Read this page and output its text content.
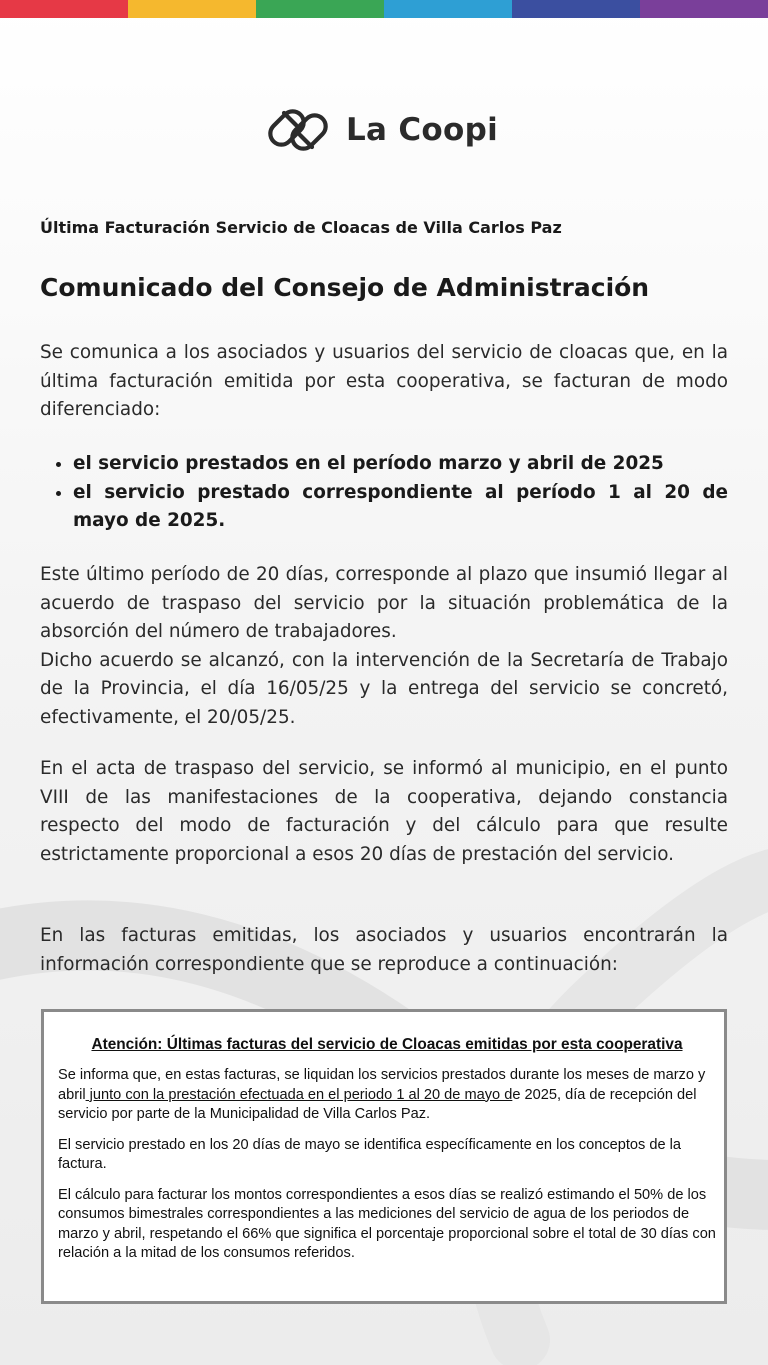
La Coopi
Última Facturación Servicio de Cloacas de Villa Carlos Paz
Comunicado del Consejo de Administración
Se comunica a los asociados y usuarios del servicio de cloacas que, en la última facturación emitida por esta cooperativa, se facturan de modo diferenciado:
• el servicio prestados en el período marzo y abril de 2025
• el servicio prestado correspondiente al período 1 al 20 de mayo de 2025.
Este último período de 20 días, corresponde al plazo que insumió llegar al acuerdo de traspaso del servicio por la situación problemática de la absorción del número de trabajadores.
Dicho acuerdo se alcanzó, con la intervención de la Secretaría de Trabajo de la Provincia, el día 16/05/25 y la entrega del servicio se concretó, efectivamente, el 20/05/25.
En el acta de traspaso del servicio, se informó al municipio, en el punto VIII de las manifestaciones de la cooperativa, dejando constancia respecto del modo de facturación y del cálculo para que resulte estrictamente proporcional a esos 20 días de prestación del servicio.
En las facturas emitidas, los asociados y usuarios encontrarán la información correspondiente que se reproduce a continuación:
Atención: Últimas facturas del servicio de Cloacas emitidas por esta cooperativa

Se informa que, en estas facturas, se liquidan los servicios prestados durante los meses de marzo y abril junto con la prestación efectuada en el periodo 1 al 20 de mayo de 2025, día de recepción del servicio por parte de la Municipalidad de Villa Carlos Paz.

El servicio prestado en los 20 días de mayo se identifica específicamente en los conceptos de la factura.

El cálculo para facturar los montos correspondientes a esos días se realizó estimando el 50% de los consumos bimestrales correspondientes a las mediciones del servicio de agua de los periodos de marzo y abril, respetando el 66% que significa el porcentaje proporcional sobre el total de 30 días con relación a la mitad de los consumos referidos.
